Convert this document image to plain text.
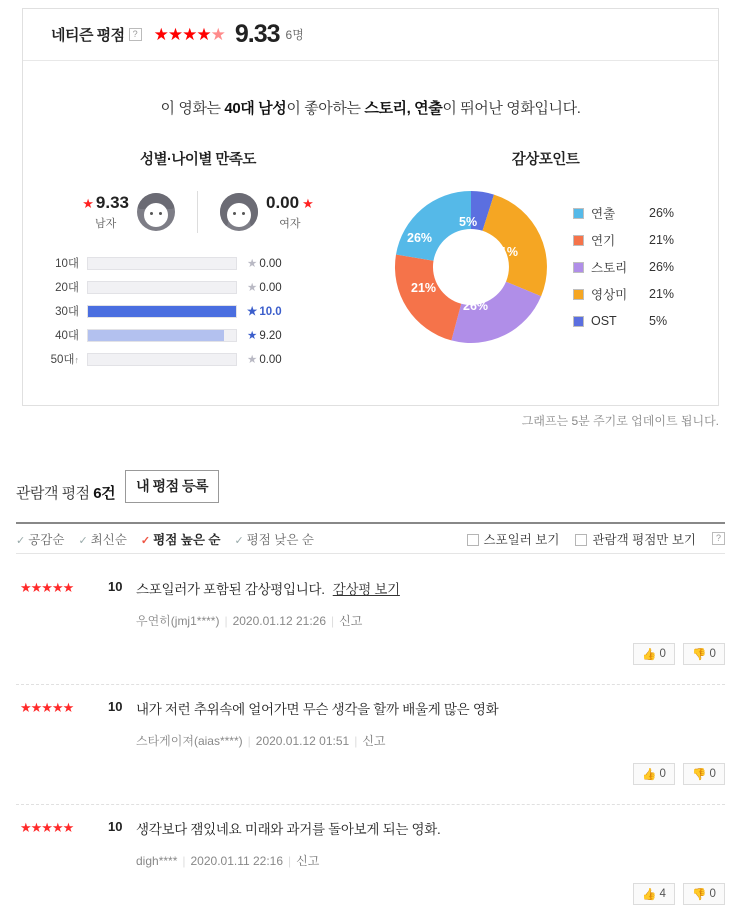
네티즌 평점 ? ★★★★★ 9.33 6명
이 영화는 40대 남성이 좋아하는 스토리, 연출이 뛰어난 영화입니다.
성별·나이별 만족도
★ 9.33
남자
0.00 ★
여자
10대	★ 0.00
20대	★ 0.00
30대	★ 10.0
40대	★ 9.20
50대↑	★ 0.00
감상포인트
5%
21%
26%
21%
26%
연출	26%
연기	21%
스토리	26%
영상미	21%
OST	5%
그래프는 5분 주기로 업데이트 됩니다.
관람객 평점 6건	내 평점 등록
✓ 공감순 ✓ 최신순 ✓ 평점 높은 순 ✓ 평점 낮은 순	스포일러 보기	관람객 평점만 보기	?
★★★★★	10 스포일러가 포함된 감상평입니다. 감상평 보기
우연히(jmj1****) | 2020.01.12 21:26 | 신고
👍 0 👎 0
★★★★★	10 내가 저런 추위속에 얼어가면 무슨 생각을 할까 배울게 많은 영화
스타게이져(aias****) | 2020.01.12 01:51 | 신고
👍 0 👎 0
★★★★★	10 생각보다 잼있네요 미래와 과거를 돌아보게 되는 영화.
digh**** | 2020.01.11 22:16 | 신고
👍 4 👎 0
